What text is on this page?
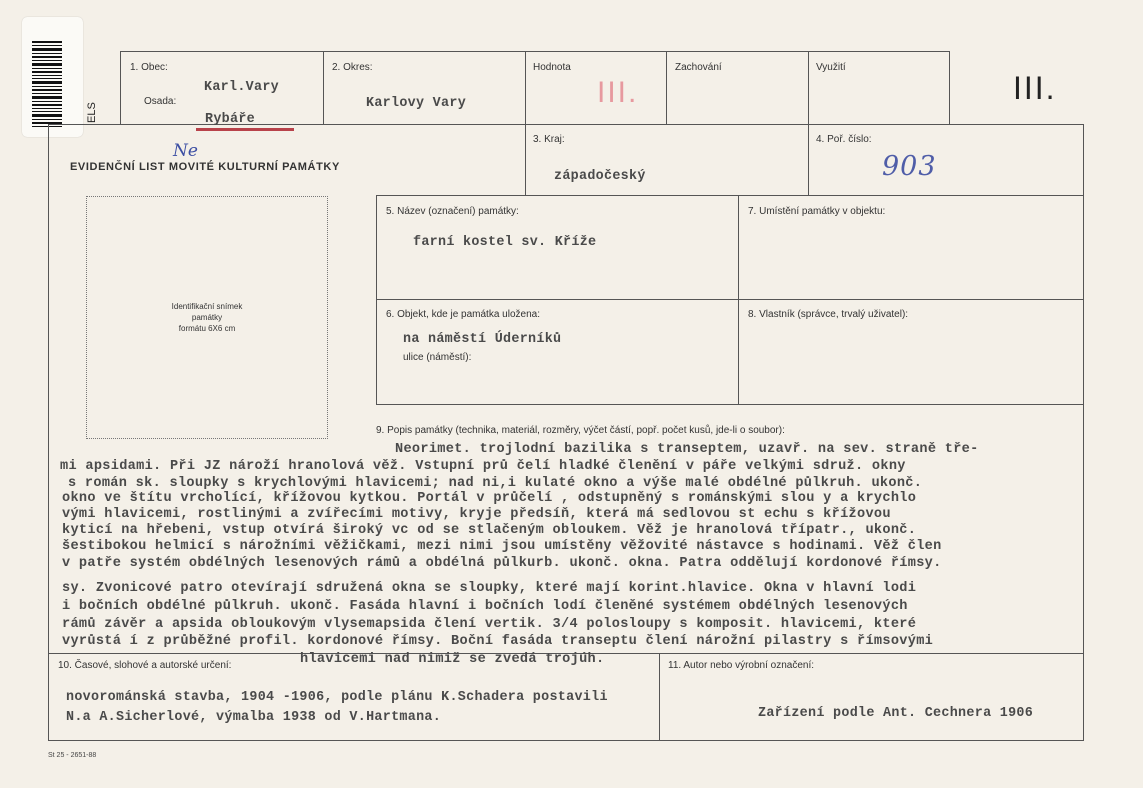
ELS
1. Obec:
Osada:
Karl.Vary
Rybáře
2. Okres:
Karlovy Vary
Hodnota
III.
Zachování	Využití
III.
EVIDENČNÍ LIST MOVITÉ KULTURNÍ PAMÁTKY
Ne
3. Kraj:
západočeský
4. Poř. číslo:
903
Identifikační snímek
památky
formátu 6X6 cm
5. Název (označení) památky:
farní kostel sv. Kříže
7. Umístění památky v objektu:
6. Objekt, kde je památka uložena:
na náměstí Úderníků
ulice (náměstí):
8. Vlastník (správce, trvalý uživatel):
9. Popis památky (technika, materiál, rozměry, výčet částí, popř. počet kusů, jde-li o soubor):
Neorimet. trojlodní bazilika s transeptem, uzavř. na sev. straně tře-
mi apsidami. Při JZ nároží hranolová věž. Vstupní prů čelí hladké členění v páře velkými sdruž. okny
s román sk. sloupky s krychlovými hlavicemi; nad ni,i kulaté okno a výše malé obdélné půlkruh. ukonč.
okno ve štítu vrcholící, křížovou kytkou. Portál v průčelí , odstupněný s románskými slou y a krychlo
vými hlavicemi, rostlinými a zvířecími motivy, kryje předsíň, která má sedlovou st echu s křížovou
kyticí na hřebeni, vstup otvírá široký vc od se stlačeným obloukem. Věž je hranolová třípatr., ukonč.
šestibokou helmicí s nárožními věžičkami, mezi nimi jsou umístěny věžovité nástavce s hodinami. Věž člen
v patře systém obdélných lesenových rámů a obdélná půlkurb. ukonč. okna. Patra oddělují kordonové římsy.
sy. Zvonicové patro otevírají sdružená okna se sloupky, které mají korint.hlavice. Okna v hlavní lodi
i bočních obdélné půlkruh. ukonč. Fasáda hlavní i bočních lodí členěné systémem obdélných lesenových
rámů závěr a apsida obloukovým vlysemapsida člení vertik. 3/4 polosloupy s komposit. hlavicemi, které
vyrůstá í z průběžné profil. kordonové římsy. Boční fasáda transeptu člení nárožní pilastry s římsovými
hlavicemi nad nimiž se zvedá trojúh.
10. Časové, slohové a autorské určení:
novorománská stavba, 1904 -1906, podle plánu K.Schadera postavili
N.a A.Sicherlové, výmalba 1938 od V.Hartmana.
11. Autor nebo výrobní označení:
Zařízení podle Ant. Cechnera 1906
St 25 - 2651-88
